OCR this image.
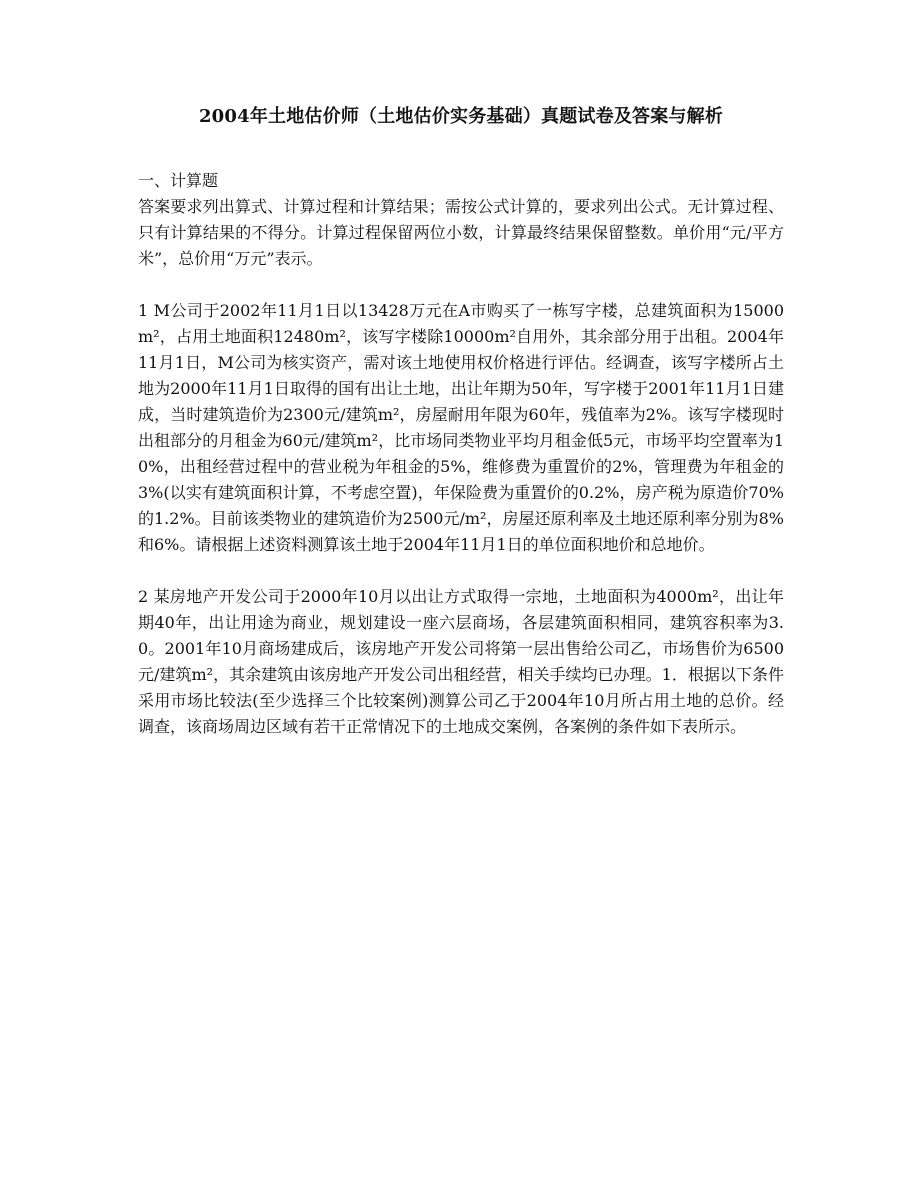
2004年土地估价师（土地估价实务基础）真题试卷及答案与解析

一、计算题

答案要求列出算式、计算过程和计算结果；需按公式计算的，要求列出公式。无计算过程、只有计算结果的不得分。计算过程保留两位小数，计算最终结果保留整数。单价用“元/平方米”，总价用“万元”表示。

1 M公司于2002年11月1日以13428万元在A市购买了一栋写字楼，总建筑面积为15000m²，占用土地面积12480m²，该写字楼除10000m²自用外，其余部分用于出租。2004年11月1日，M公司为核实资产，需对该土地使用权价格进行评估。经调查，该写字楼所占土地为2000年11月1日取得的国有出让土地，出让年期为50年，写字楼于2001年11月1日建成，当时建筑造价为2300元/建筑m²，房屋耐用年限为60年，残值率为2%。该写字楼现时出租部分的月租金为60元/建筑m²，比市场同类物业平均月租金低5元，市场平均空置率为10%，出租经营过程中的营业税为年租金的5%，维修费为重置价的2%，管理费为年租金的3%(以实有建筑面积计算，不考虑空置)，年保险费为重置价的0.2%，房产税为原造价70%的1.2%。目前该类物业的建筑造价为2500元/m²，房屋还原利率及土地还原利率分别为8%和6%。请根据上述资料测算该土地于2004年11月1日的单位面积地价和总地价。

2 某房地产开发公司于2000年10月以出让方式取得一宗地，土地面积为4000m²，出让年期40年，出让用途为商业，规划建设一座六层商场，各层建筑面积相同，建筑容积率为3.0。2001年10月商场建成后，该房地产开发公司将第一层出售给公司乙，市场售价为6500元/建筑m²，其余建筑由该房地产开发公司出租经营，相关手续均已办理。1．根据以下条件采用市场比较法(至少选择三个比较案例)测算公司乙于2004年10月所占用土地的总价。经调查，该商场周边区域有若干正常情况下的土地成交案例，各案例的条件如下表所示。
